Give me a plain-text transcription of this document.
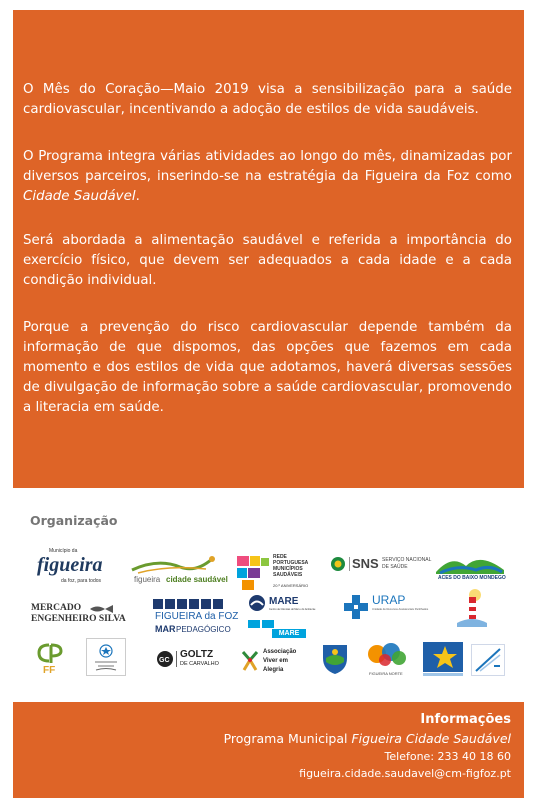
O Mês do Coração—Maio 2019 visa a sensibilização para a saúde cardiovascular, incentivando a adoção de estilos de vida saudáveis.

O Programa integra várias atividades ao longo do mês, dinamizadas por diversos parceiros, inserindo-se na estratégia da Figueira da Foz como Cidade Saudável.

Será abordada a alimentação saudável e referida a importância do exercício físico, que devem ser adequados a cada idade e a cada condição individual.

Porque a prevenção do risco cardiovascular depende também da informação de que dispomos, das opções que fazemos em cada momento e dos estilos de vida que adotamos, haverá diversas sessões de divulgação de informação sobre a saúde cardiovascular, promovendo a literacia em saúde.

Organização

Município da
figueira
da foz, para todos	figueira cidade saudável
REDE
PORTUGUESA
MUNICÍPIOS
SAUDÁVEIS
20.º ANIVERSÁRIO
SNS SERVIÇO NACIONAL
DE SAÚDE
ACES DO BAIXO MONDEGO
MERCADO
ENGENHEIRO SILVA	FIGUEIRA da FOZ
MAR PEDAGÓGICO
MARE
Centro de Ciências do Mar e do Ambiente
MARE
URAP
Unidade de Recursos Assistenciais Partilhados
FF
GC
GOLTZ
DE CARVALHO
Associação
Viver em
Alegria
FIGUEIRA NORTE
Informações
Programa Municipal Figueira Cidade Saudável
Telefone: 233 40 18 60
figueira.cidade.saudavel@cm-figfoz.pt
